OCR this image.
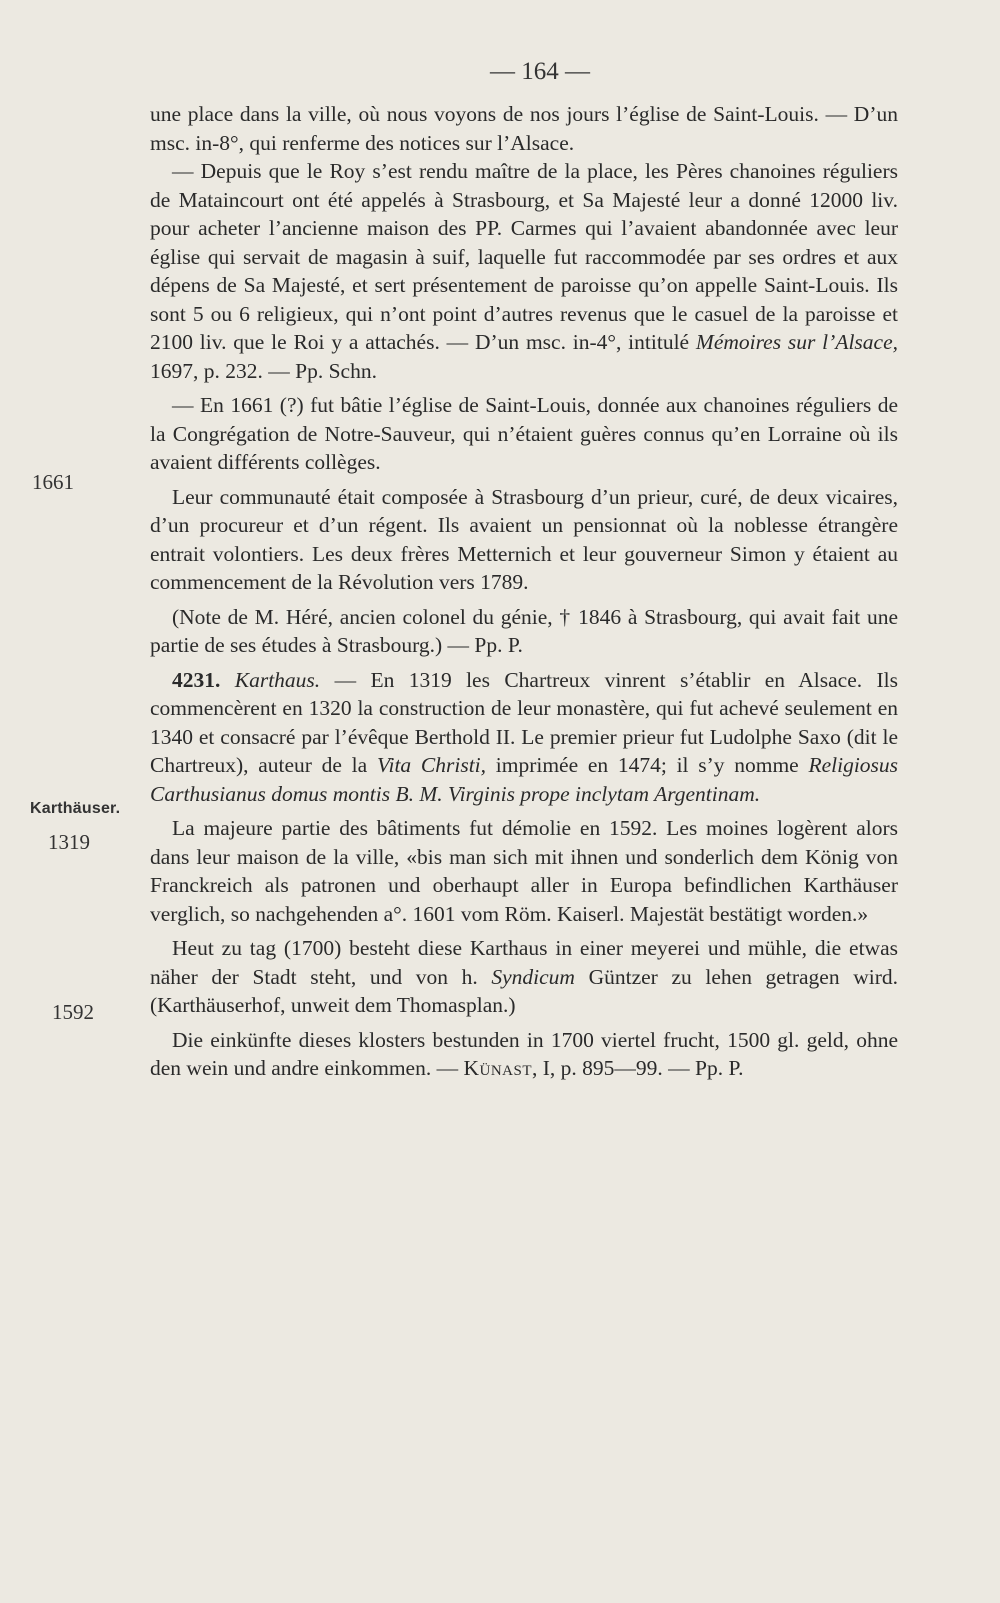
— 164 —
1661
Karthäuser.
1319
1592

une place dans la ville, où nous voyons de nos jours l’église de Saint-Louis. — D’un msc. in-8°, qui renferme des notices sur l’Alsace.

— Depuis que le Roy s’est rendu maître de la place, les Pères chanoines réguliers de Mataincourt ont été appelés à Strasbourg, et Sa Majesté leur a donné 12000 liv. pour acheter l’ancienne maison des PP. Carmes qui l’avaient abandonnée avec leur église qui servait de magasin à suif, laquelle fut raccommodée par ses ordres et aux dépens de Sa Majesté, et sert présentement de paroisse qu’on appelle Saint-Louis. Ils sont 5 ou 6 religieux, qui n’ont point d’autres revenus que le casuel de la paroisse et 2100 liv. que le Roi y a attachés. — D’un msc. in-4°, intitulé Mémoires sur l’Alsace, 1697, p. 232. — Pp. Schn.

— En 1661 (?) fut bâtie l’église de Saint-Louis, donnée aux chanoines réguliers de la Congrégation de Notre-Sauveur, qui n’étaient guères connus qu’en Lorraine où ils avaient différents collèges.

Leur communauté était composée à Strasbourg d’un prieur, curé, de deux vicaires, d’un procureur et d’un régent. Ils avaient un pensionnat où la noblesse étrangère entrait volontiers. Les deux frères Metternich et leur gouverneur Simon y étaient au commencement de la Révolution vers 1789.

(Note de M. Héré, ancien colonel du génie, † 1846 à Strasbourg, qui avait fait une partie de ses études à Strasbourg.) — Pp. P.

4231. Karthaus. — En 1319 les Chartreux vinrent s’établir en Alsace. Ils commencèrent en 1320 la construction de leur monastère, qui fut achevé seulement en 1340 et consacré par l’évêque Berthold II. Le premier prieur fut Ludolphe Saxo (dit le Chartreux), auteur de la Vita Christi, imprimée en 1474; il s’y nomme Religiosus Carthusianus domus montis B. M. Virginis prope inclytam Argentinam.

La majeure partie des bâtiments fut démolie en 1592. Les moines logèrent alors dans leur maison de la ville, «bis man sich mit ihnen und sonderlich dem König von Franckreich als patronen und oberhaupt aller in Europa befindlichen Karthäuser verglich, so nachgehenden a°. 1601 vom Röm. Kaiserl. Majestät bestätigt worden.»

Heut zu tag (1700) besteht diese Karthaus in einer meyerei und mühle, die etwas näher der Stadt steht, und von h. Syndicum Güntzer zu lehen getragen wird. (Karthäuserhof, unweit dem Thomasplan.)

Die einkünfte dieses klosters bestunden in 1700 viertel frucht, 1500 gl. geld, ohne den wein und andre einkommen. — Künast, I, p. 895—99. — Pp. P.
